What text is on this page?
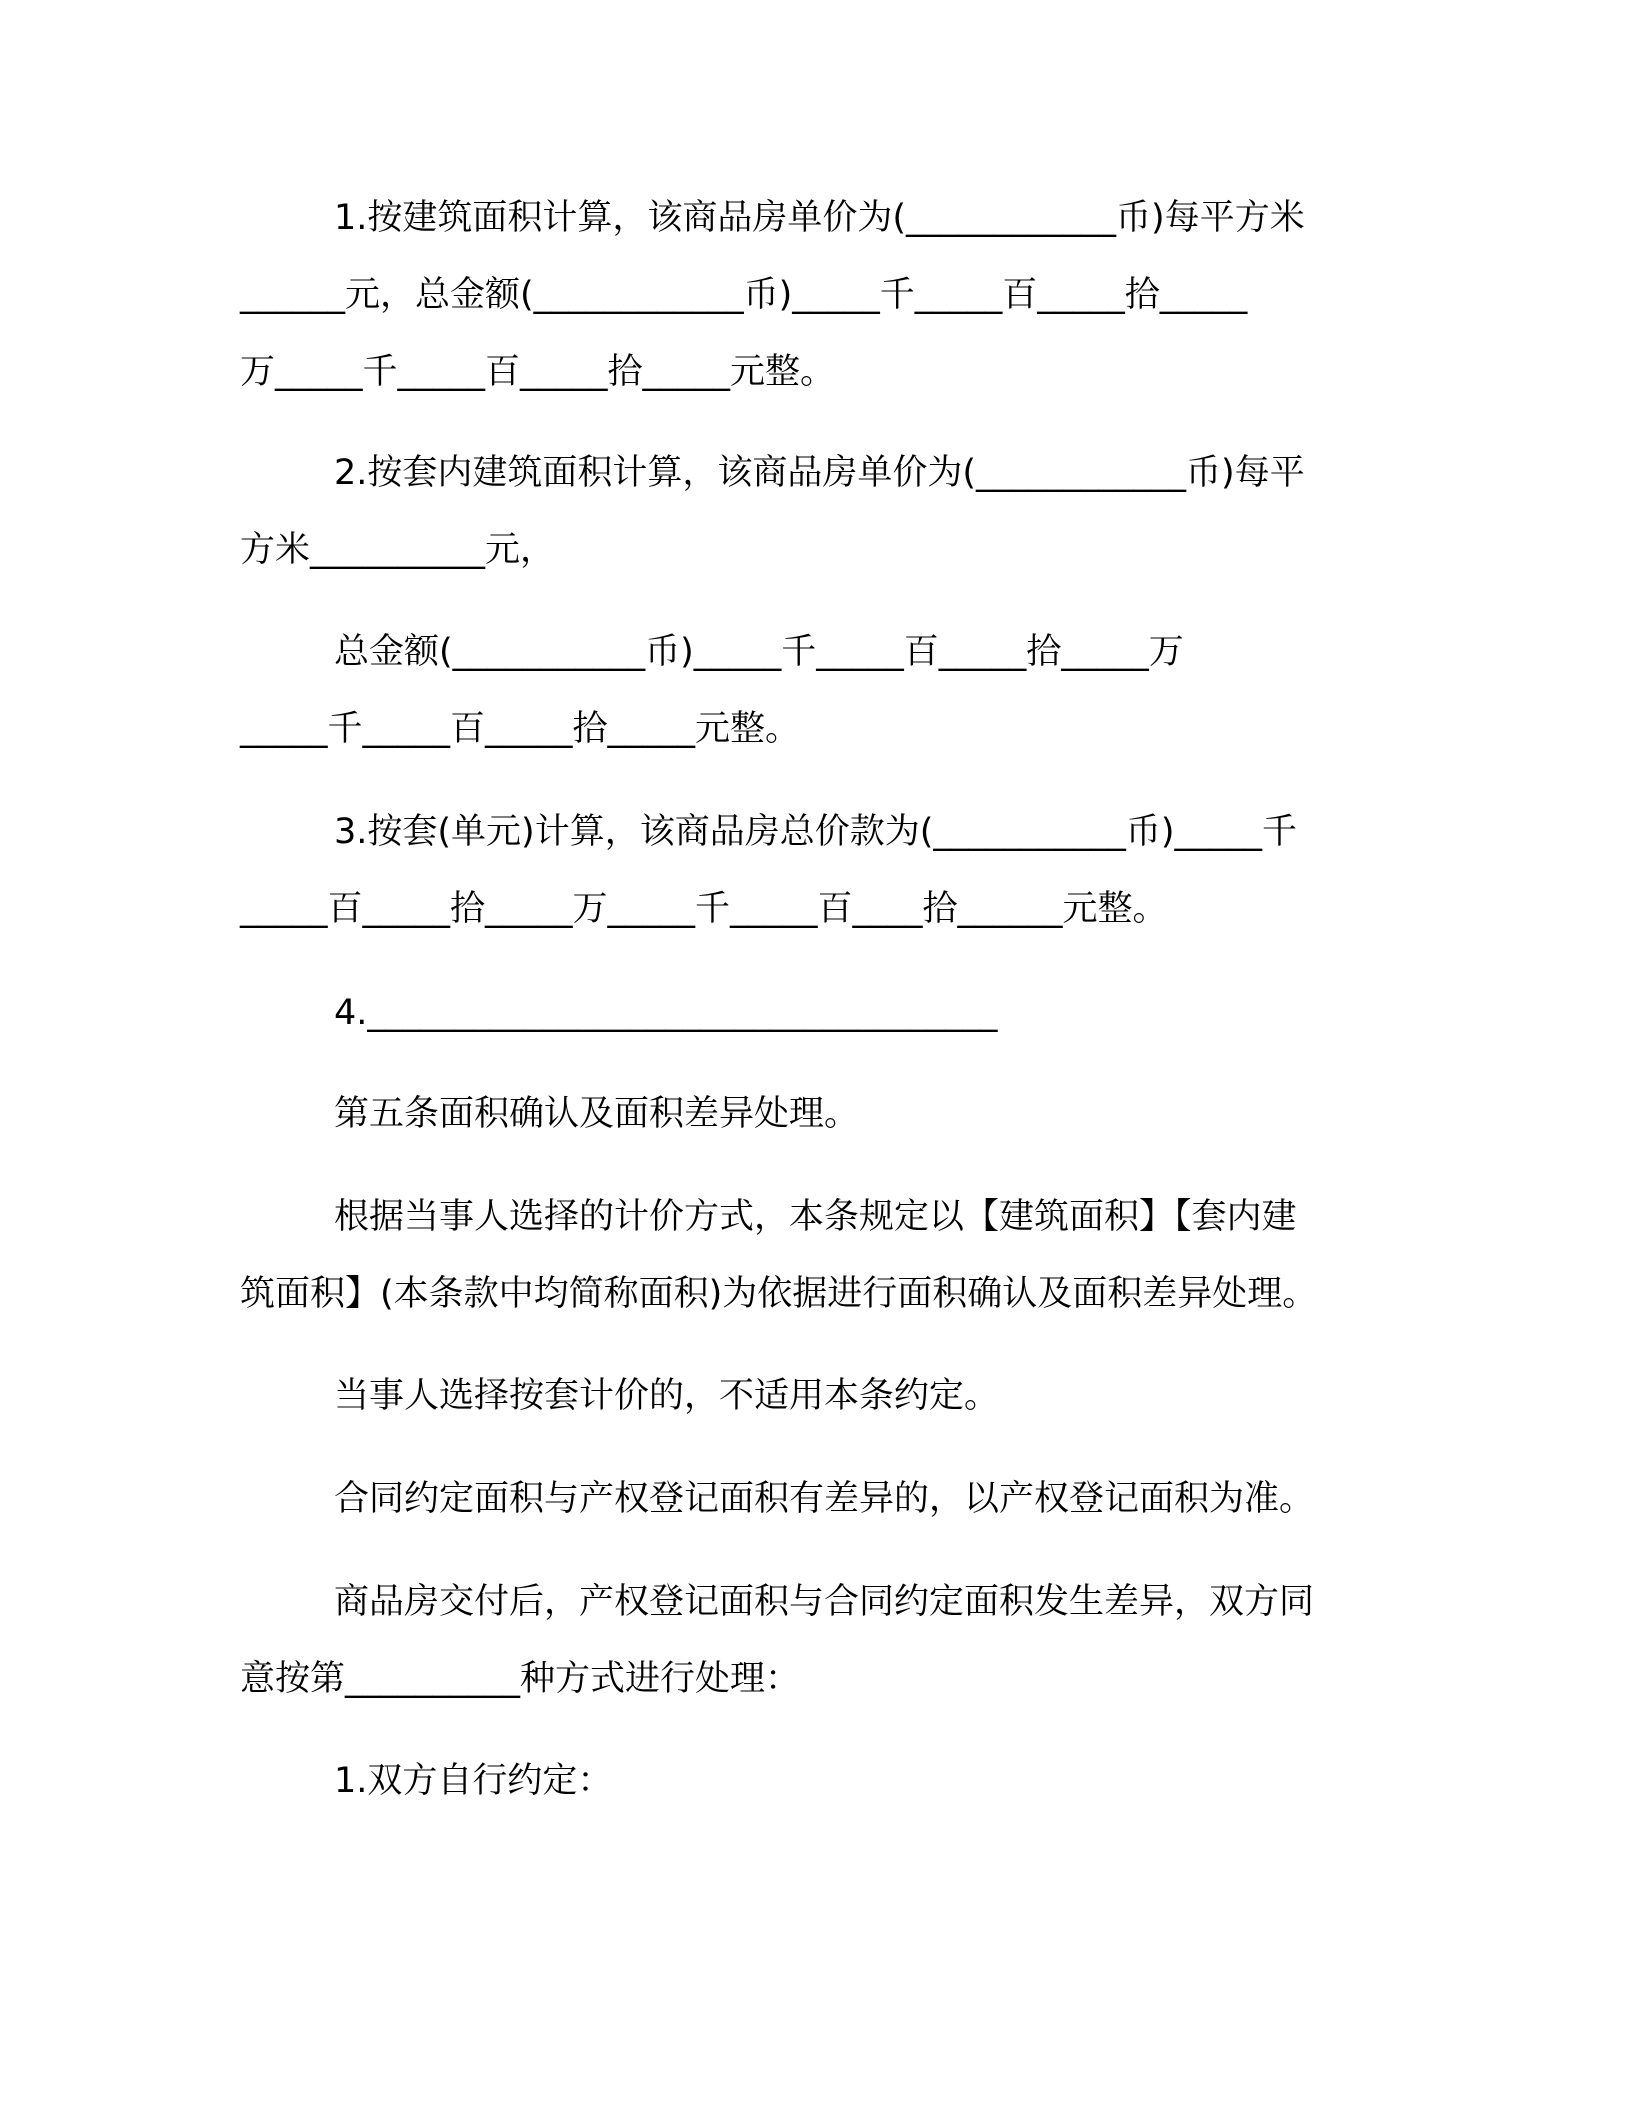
1.按建筑面积计算，该商品房单价为(____________币)每平方米
______元，总金额(____________币)_____千_____百_____拾_____
万_____千_____百_____拾_____元整。
2.按套内建筑面积计算，该商品房单价为(____________币)每平
方米__________元，
总金额(___________币)_____千_____百_____拾_____万
_____千_____百_____拾_____元整。
3.按套(单元)计算，该商品房总价款为(___________币)_____千
_____百_____拾_____万_____千_____百____拾______元整。
4.____________________________________
第五条面积确认及面积差异处理。
根据当事人选择的计价方式，本条规定以【建筑面积】【套内建
筑面积】(本条款中均简称面积)为依据进行面积确认及面积差异处理。
当事人选择按套计价的，不适用本条约定。
合同约定面积与产权登记面积有差异的，以产权登记面积为准。
商品房交付后，产权登记面积与合同约定面积发生差异，双方同
意按第__________种方式进行处理：
1.双方自行约定：
